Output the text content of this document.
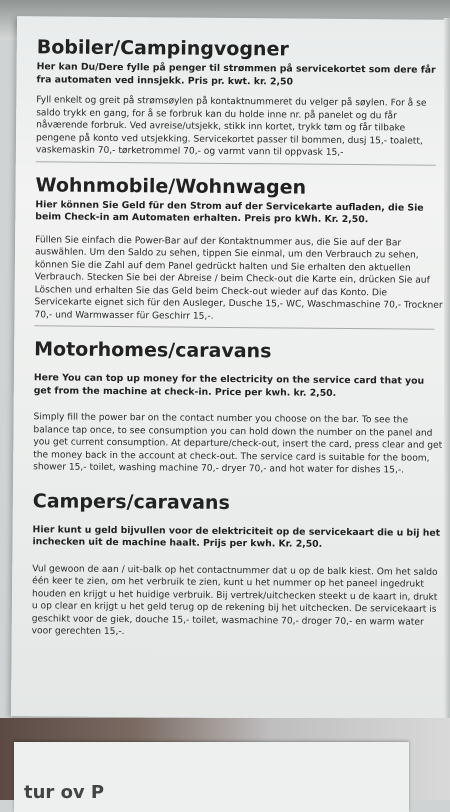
Bobiler/Campingvogner

Her kan Du/Dere fylle på penger til strømmen på servicekortet som dere får fra automaten ved innsjekk. Pris pr. kwt. kr. 2,50

Fyll enkelt og greit på strømsøylen på kontaktnummeret du velger på søylen. For å se saldo trykk en gang, for å se forbruk kan du holde inne nr. på panelet og du får nåværende forbruk. Ved avreise/utsjekk, stikk inn kortet, trykk tøm og får tilbake pengene på konto ved utsjekking. Servicekortet passer til bommen, dusj 15,- toalett, vaskemaskin 70,- tørketrommel 70,- og varmt vann til oppvask 15,-

Wohnmobile/Wohnwagen

Hier können Sie Geld für den Strom auf der Servicekarte aufladen, die Sie beim Check-in am Automaten erhalten. Preis pro kWh. Kr. 2,50.

Füllen Sie einfach die Power-Bar auf der Kontaktnummer aus, die Sie auf der Bar auswählen. Um den Saldo zu sehen, tippen Sie einmal, um den Verbrauch zu sehen, können Sie die Zahl auf dem Panel gedrückt halten und Sie erhalten den aktuellen Verbrauch. Stecken Sie bei der Abreise / beim Check-out die Karte ein, drücken Sie auf Löschen und erhalten Sie das Geld beim Check-out wieder auf das Konto. Die Servicekarte eignet sich für den Ausleger, Dusche 15,- WC, Waschmaschine 70,- Trockner 70,- und Warmwasser für Geschirr 15,-.

Motorhomes/caravans

Here You can top up money for the electricity on the service card that you get from the machine at check-in. Price per kwh. kr. 2,50.

Simply fill the power bar on the contact number you choose on the bar. To see the balance tap once, to see consumption you can hold down the number on the panel and you get current consumption. At departure/check-out, insert the card, press clear and get the money back in the account at check-out. The service card is suitable for the boom, shower 15,- toilet, washing machine 70,- dryer 70,- and hot water for dishes 15,-.

Campers/caravans

Hier kunt u geld bijvullen voor de elektriciteit op de servicekaart die u bij het inchecken uit de machine haalt. Prijs per kwh. Kr. 2,50.

Vul gewoon de aan / uit-balk op het contactnummer dat u op de balk kiest. Om het saldo één keer te zien, om het verbruik te zien, kunt u het nummer op het paneel ingedrukt houden en krijgt u het huidige verbruik. Bij vertrek/uitchecken steekt u de kaart in, drukt u op clear en krijgt u het geld terug op de rekening bij het uitchecken. De servicekaart is geschikt voor de giek, douche 15,- toilet, wasmachine 70,- droger 70,- en warm water voor gerechten 15,-.

tur ov P
